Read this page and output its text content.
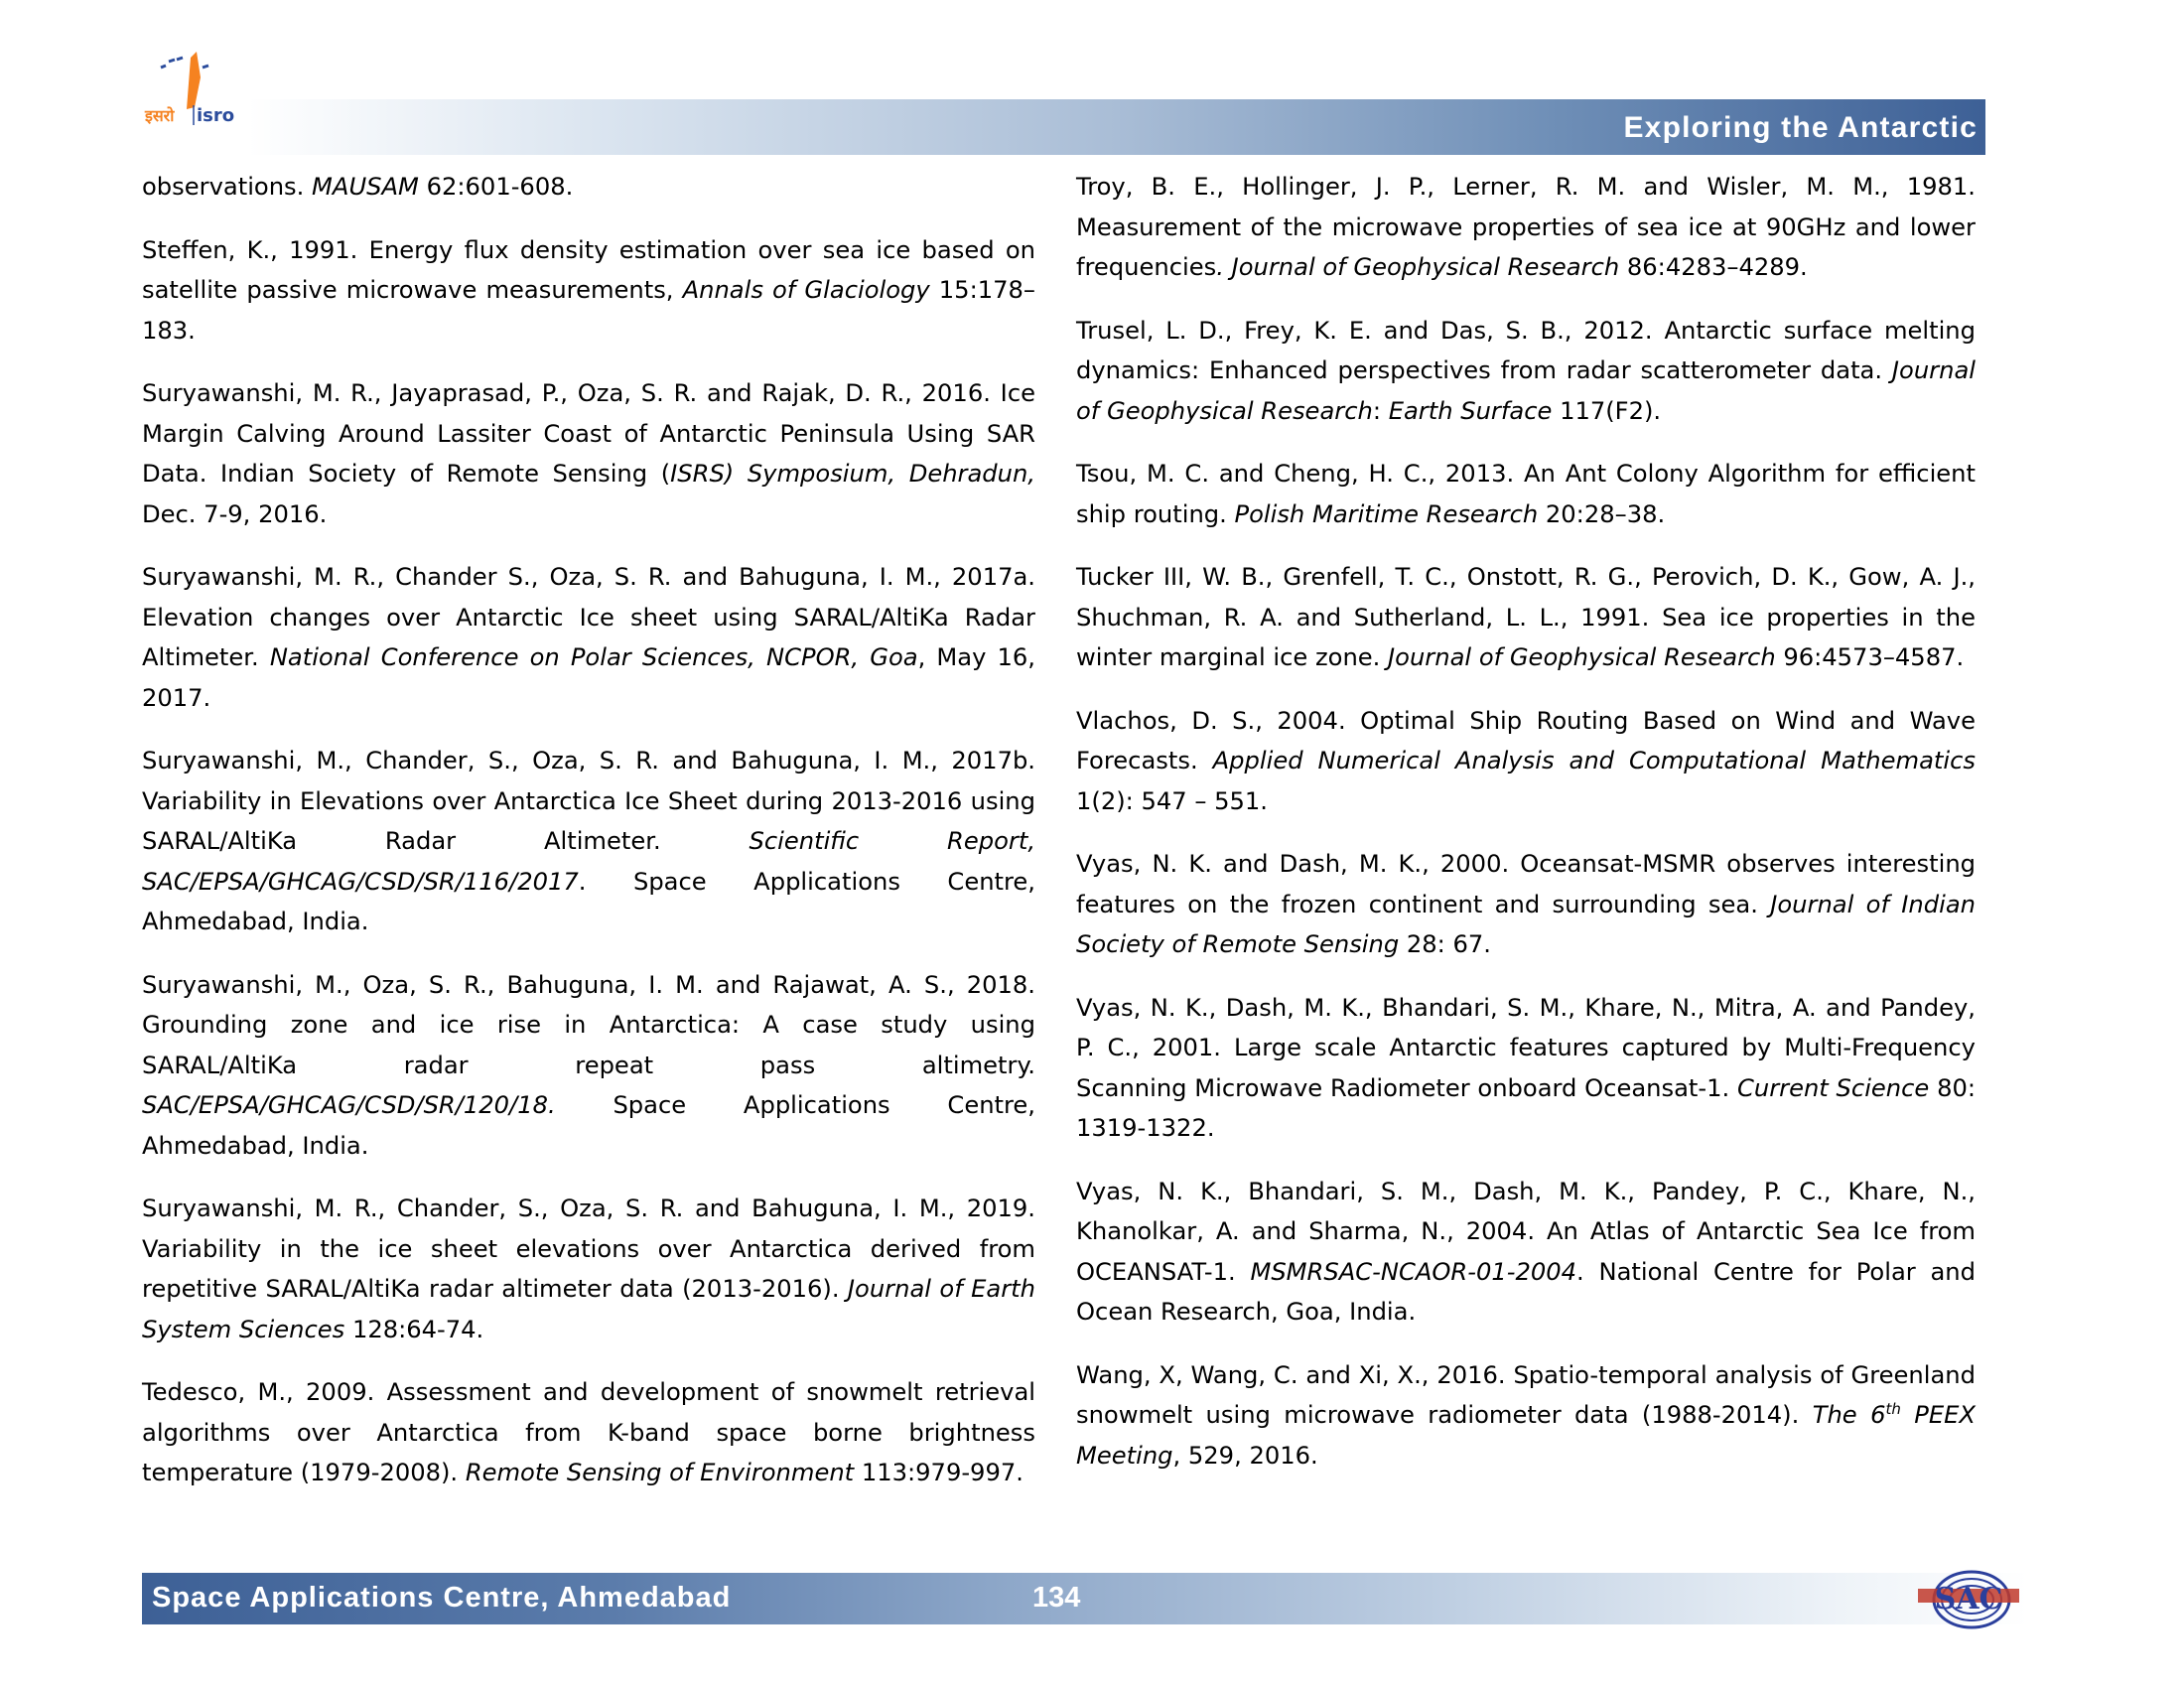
इसरो isro	Exploring the Antarctic

observations. MAUSAM 62:601-608.

Steffen, K., 1991. Energy flux density estimation over sea ice based on satellite passive microwave measurements, Annals of Glaciology 15:178–183.

Suryawanshi, M. R., Jayaprasad, P., Oza, S. R. and Rajak, D. R., 2016. Ice Margin Calving Around Lassiter Coast of Antarctic Peninsula Using SAR Data. Indian Society of Remote Sensing (ISRS) Symposium, Dehradun, Dec. 7-9, 2016.

Suryawanshi, M. R., Chander S., Oza, S. R. and Bahuguna, I. M., 2017a. Elevation changes over Antarctic Ice sheet using SARAL/AltiKa Radar Altimeter. National Conference on Polar Sciences, NCPOR, Goa, May 16, 2017.

Suryawanshi, M., Chander, S., Oza, S. R. and Bahuguna, I. M., 2017b. Variability in Elevations over Antarctica Ice Sheet during 2013-2016 using SARAL/AltiKa Radar Altimeter. Scientific Report, SAC/EPSA/GHCAG/CSD/SR/116/2017. Space Applications Centre, Ahmedabad, India.

Suryawanshi, M., Oza, S. R., Bahuguna, I. M. and Rajawat, A. S., 2018. Grounding zone and ice rise in Antarctica: A case study using SARAL/AltiKa radar repeat pass altimetry. SAC/EPSA/GHCAG/CSD/SR/120/18. Space Applications Centre, Ahmedabad, India.

Suryawanshi, M. R., Chander, S., Oza, S. R. and Bahuguna, I. M., 2019. Variability in the ice sheet elevations over Antarctica derived from repetitive SARAL/AltiKa radar altimeter data (2013-2016). Journal of Earth System Sciences 128:64-74.

Tedesco, M., 2009. Assessment and development of snowmelt retrieval algorithms over Antarctica from K-band space borne brightness temperature (1979-2008). Remote Sensing of Environment 113:979-997.

Troy, B. E., Hollinger, J. P., Lerner, R. M. and Wisler, M. M., 1981. Measurement of the microwave properties of sea ice at 90GHz and lower frequencies. Journal of Geophysical Research 86:4283–4289.

Trusel, L. D., Frey, K. E. and Das, S. B., 2012. Antarctic surface melting dynamics: Enhanced perspectives from radar scatterometer data. Journal of Geophysical Research: Earth Surface 117(F2).

Tsou, M. C. and Cheng, H. C., 2013. An Ant Colony Algorithm for efficient ship routing. Polish Maritime Research 20:28–38.

Tucker III, W. B., Grenfell, T. C., Onstott, R. G., Perovich, D. K., Gow, A. J., Shuchman, R. A. and Sutherland, L. L., 1991. Sea ice properties in the winter marginal ice zone. Journal of Geophysical Research 96:4573–4587.

Vlachos, D. S., 2004. Optimal Ship Routing Based on Wind and Wave Forecasts. Applied Numerical Analysis and Computational Mathematics 1(2): 547 – 551.

Vyas, N. K. and Dash, M. K., 2000. Oceansat-MSMR observes interesting features on the frozen continent and surrounding sea. Journal of Indian Society of Remote Sensing 28: 67.

Vyas, N. K., Dash, M. K., Bhandari, S. M., Khare, N., Mitra, A. and Pandey, P. C., 2001. Large scale Antarctic features captured by Multi-Frequency Scanning Microwave Radiometer onboard Oceansat-1. Current Science 80: 1319-1322.

Vyas, N. K., Bhandari, S. M., Dash, M. K., Pandey, P. C., Khare, N., Khanolkar, A. and Sharma, N., 2004. An Atlas of Antarctic Sea Ice from OCEANSAT-1. MSMRSAC-NCAOR-01-2004. National Centre for Polar and Ocean Research, Goa, India.

Wang, X, Wang, C. and Xi, X., 2016. Spatio-temporal analysis of Greenland snowmelt using microwave radiometer data (1988-2014). The 6th PEEX Meeting, 529, 2016.

Space Applications Centre, Ahmedabad	134	SAC
